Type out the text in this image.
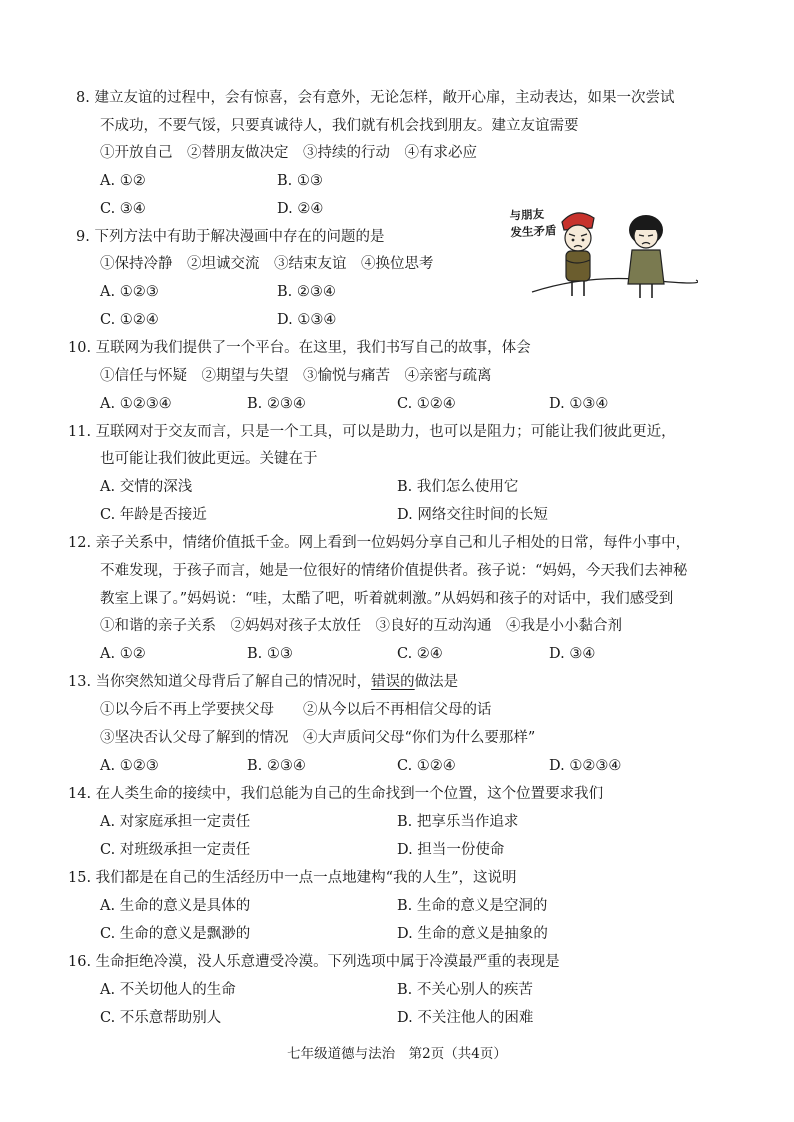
8. 建立友谊的过程中，会有惊喜，会有意外，无论怎样，敞开心扉，主动表达，如果一次尝试
不成功，不要气馁，只要真诚待人，我们就有机会找到朋友。建立友谊需要
①开放自己　②替朋友做决定　③持续的行动　④有求必应
A. ①②	B. ①③
C. ③④	D. ②④
9. 下列方法中有助于解决漫画中存在的问题的是
①保持冷静　②坦诚交流　③结束友谊　④换位思考
A. ①②③	B. ②③④
C. ①②④	D. ①③④
与朋友
发生矛盾
10. 互联网为我们提供了一个平台。在这里，我们书写自己的故事，体会
①信任与怀疑　②期望与失望　③愉悦与痛苦　④亲密与疏离
A. ①②③④	B. ②③④	C. ①②④	D. ①③④
11. 互联网对于交友而言，只是一个工具，可以是助力，也可以是阻力；可能让我们彼此更近，
也可能让我们彼此更远。关键在于
A. 交情的深浅	B. 我们怎么使用它
C. 年龄是否接近	D. 网络交往时间的长短
12. 亲子关系中，情绪价值抵千金。网上看到一位妈妈分享自己和儿子相处的日常，每件小事中，
不难发现，于孩子而言，她是一位很好的情绪价值提供者。孩子说：“妈妈，今天我们去神秘
教室上课了。”妈妈说：“哇，太酷了吧，听着就刺激。”从妈妈和孩子的对话中，我们感受到
①和谐的亲子关系　②妈妈对孩子太放任　③良好的互动沟通　④我是小小黏合剂
A. ①②	B. ①③	C. ②④	D. ③④
13. 当你突然知道父母背后了解自己的情况时，错误的做法是
①以今后不再上学要挟父母　　②从今以后不再相信父母的话
③坚决否认父母了解到的情况　④大声质问父母“你们为什么要那样”
A. ①②③	B. ②③④	C. ①②④	D. ①②③④
14. 在人类生命的接续中，我们总能为自己的生命找到一个位置，这个位置要求我们
A. 对家庭承担一定责任	B. 把享乐当作追求
C. 对班级承担一定责任	D. 担当一份使命
15. 我们都是在自己的生活经历中一点一点地建构“我的人生”，这说明
A. 生命的意义是具体的	B. 生命的意义是空洞的
C. 生命的意义是飘渺的	D. 生命的意义是抽象的
16. 生命拒绝冷漠，没人乐意遭受冷漠。下列选项中属于冷漠最严重的表现是
A. 不关切他人的生命	B. 不关心别人的疾苦
C. 不乐意帮助别人	D. 不关注他人的困难
七年级道德与法治　第2页（共4页）
